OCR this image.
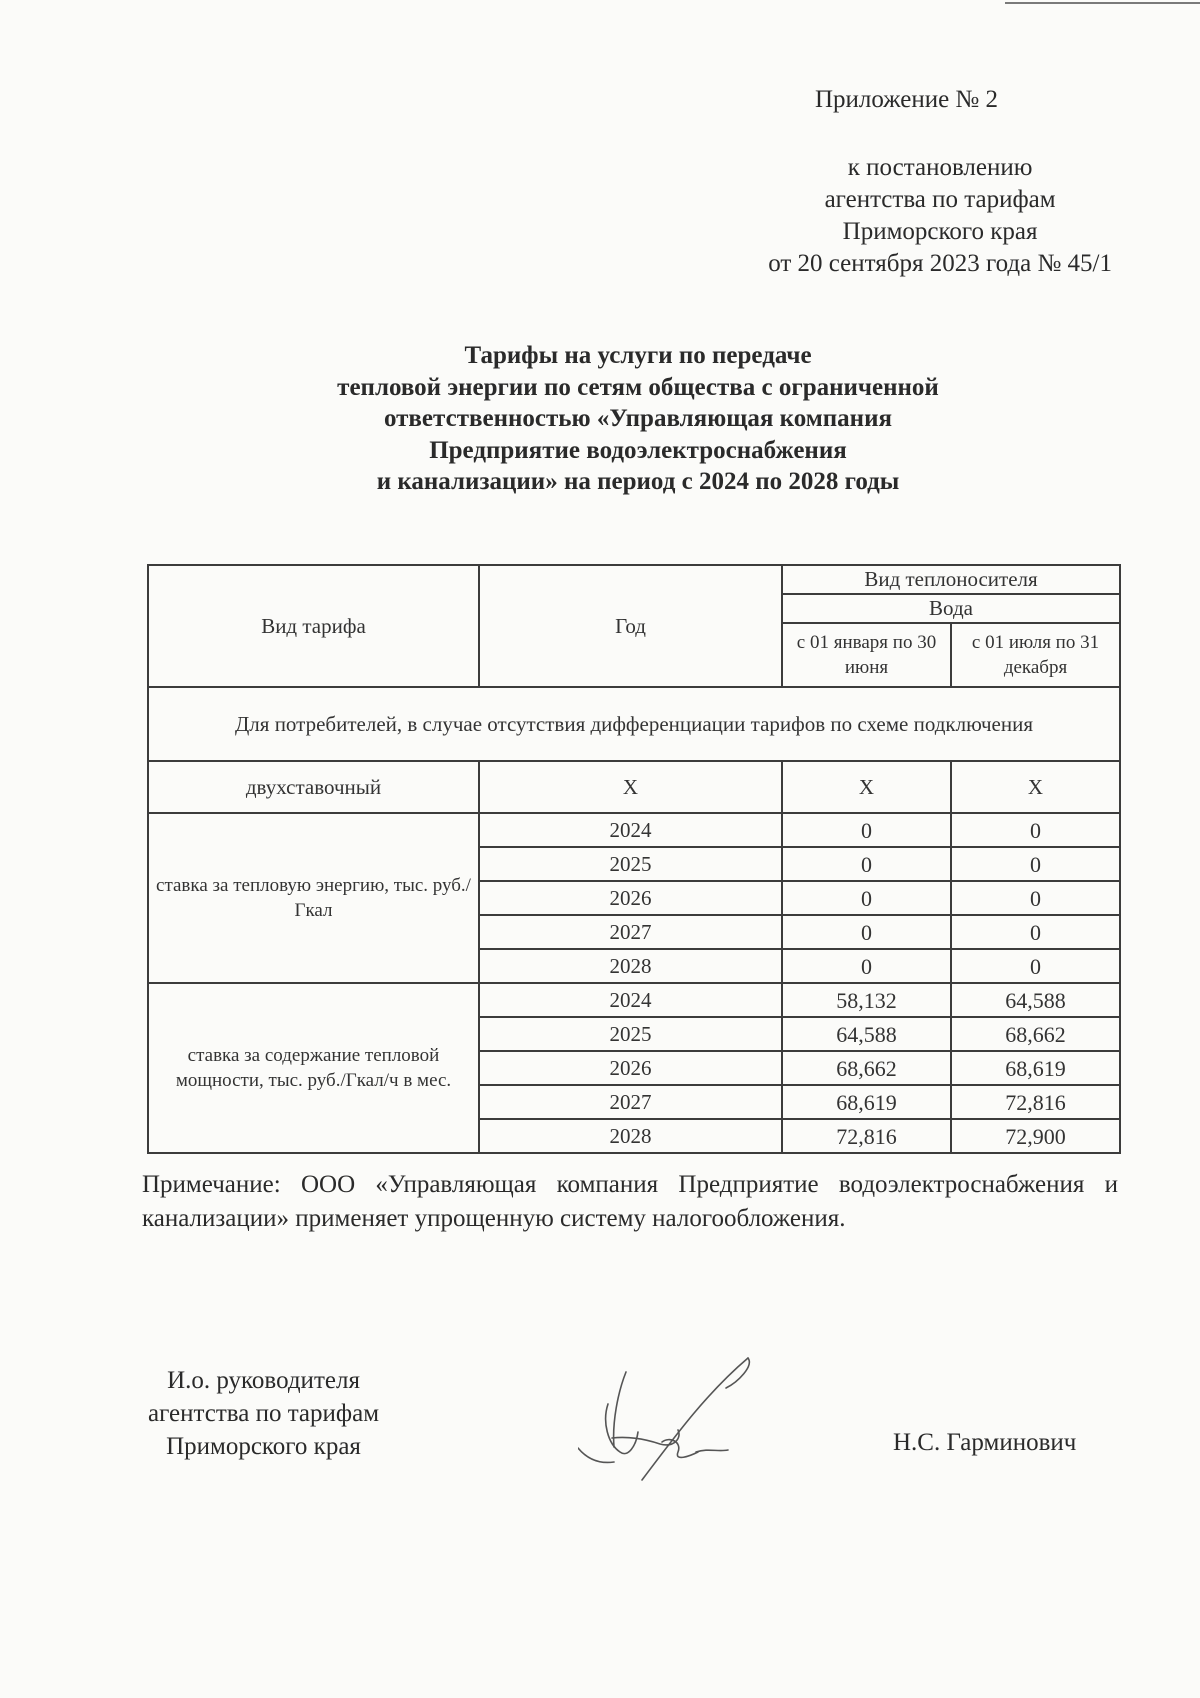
Приложение № 2
к постановлению
агентства по тарифам
Приморского края
от 20 сентября 2023 года № 45/1
Тарифы на услуги по передаче
тепловой энергии по сетям общества с ограниченной
ответственностью «Управляющая компания
Предприятие водоэлектроснабжения
и канализации» на период с 2024 по 2028 годы
Вид тарифа	Год	Вид теплоносителя	
		Вода	
		с 01 января по 30 июня	с 01 июля по 31 декабря
Для потребителей, в случае отсутствия дифференциации тарифов по схеме подключения			
двухставочный	Х	Х	Х
ставка за тепловую энергию, тыс. руб./Гкал	2024	0	0
	2025	0	0
	2026	0	0
	2027	0	0
	2028	0	0
ставка за содержание тепловой мощности, тыс. руб./Гкал/ч в мес.	2024	58,132	64,588
	2025	64,588	68,662
	2026	68,662	68,619
	2027	68,619	72,816
	2028	72,816	72,900
Примечание: ООО «Управляющая компания Предприятие водоэлектроснабжения и канализации» применяет упрощенную систему налогообложения.
И.о. руководителя
агентства по тарифам
Приморского края	Н.С. Гарминович
